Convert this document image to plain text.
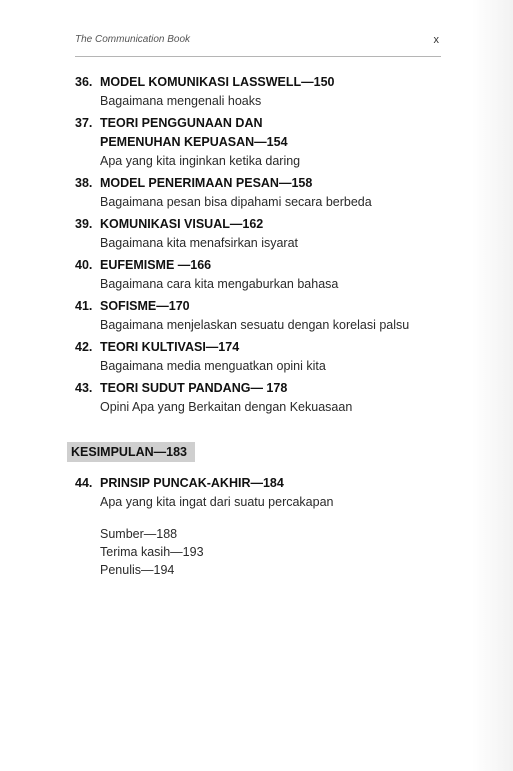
The Communication Book	x
36. MODEL KOMUNIKASI LASSWELL—150
Bagaimana mengenali hoaks
37. TEORI PENGGUNAAN DAN
PEMENUHAN KEPUASAN—154
Apa yang kita inginkan ketika daring
38. MODEL PENERIMAAN PESAN—158
Bagaimana pesan bisa dipahami secara berbeda
39. KOMUNIKASI VISUAL—162
Bagaimana kita menafsirkan isyarat
40. EUFEMISME —166
Bagaimana cara kita mengaburkan bahasa
41. SOFISME—170
Bagaimana menjelaskan sesuatu dengan korelasi palsu
42. TEORI KULTIVASI—174
Bagaimana media menguatkan opini kita
43. TEORI SUDUT PANDANG— 178
Opini Apa yang Berkaitan dengan Kekuasaan
KESIMPULAN—183
44. PRINSIP PUNCAK-AKHIR—184
Apa yang kita ingat dari suatu percakapan
Sumber—188
Terima kasih—193
Penulis—194
